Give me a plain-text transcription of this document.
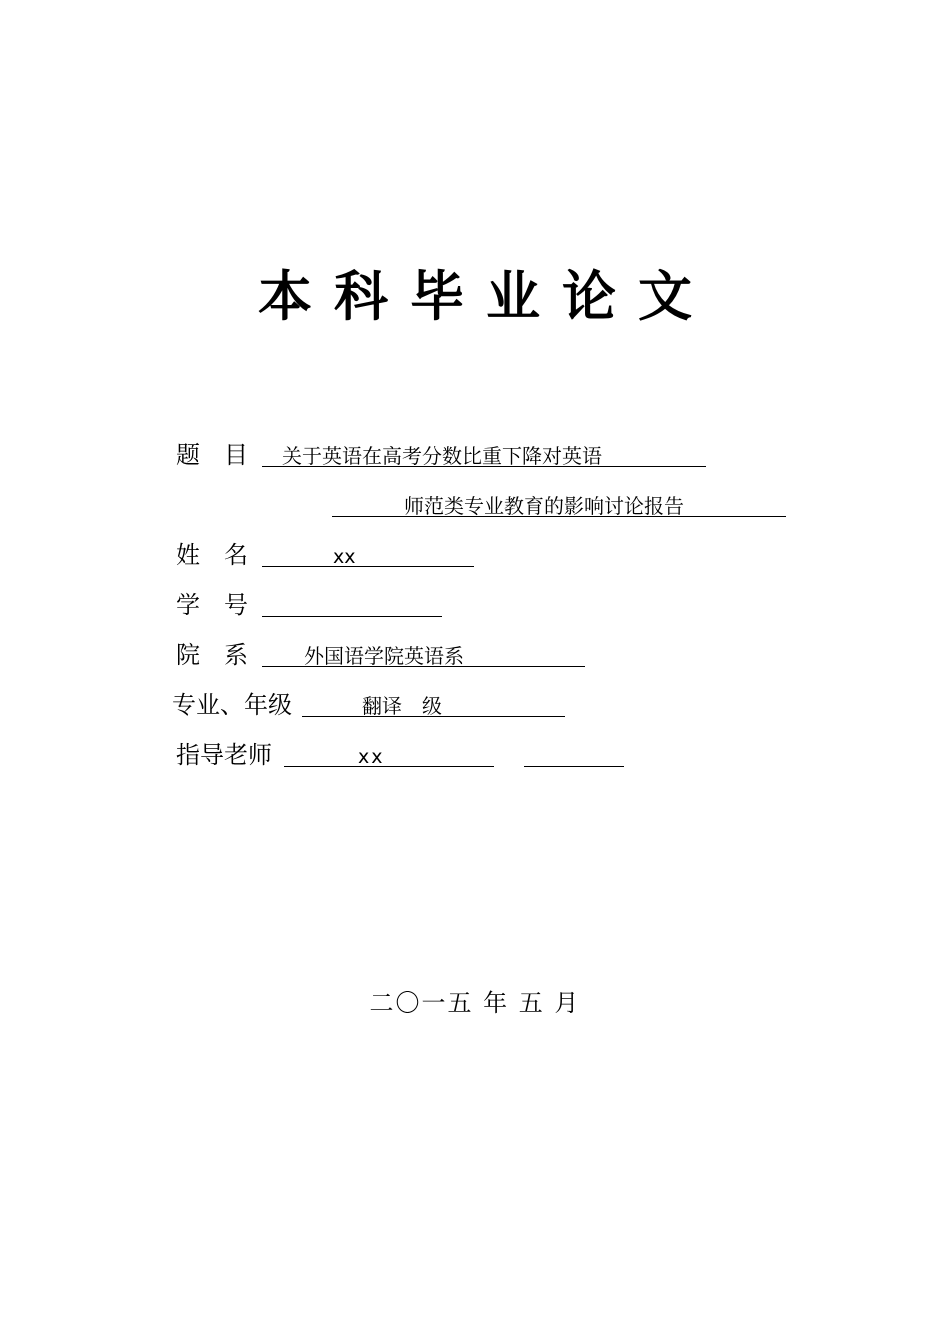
本科毕业论文
题目 关于英语在高考分数比重下降对英语
师范类专业教育的影响讨论报告
姓名	xx
学号
院系 外国语学院英语系
专业、年级	翻译　级
指导老师	xx
二〇一五 年 五 月
